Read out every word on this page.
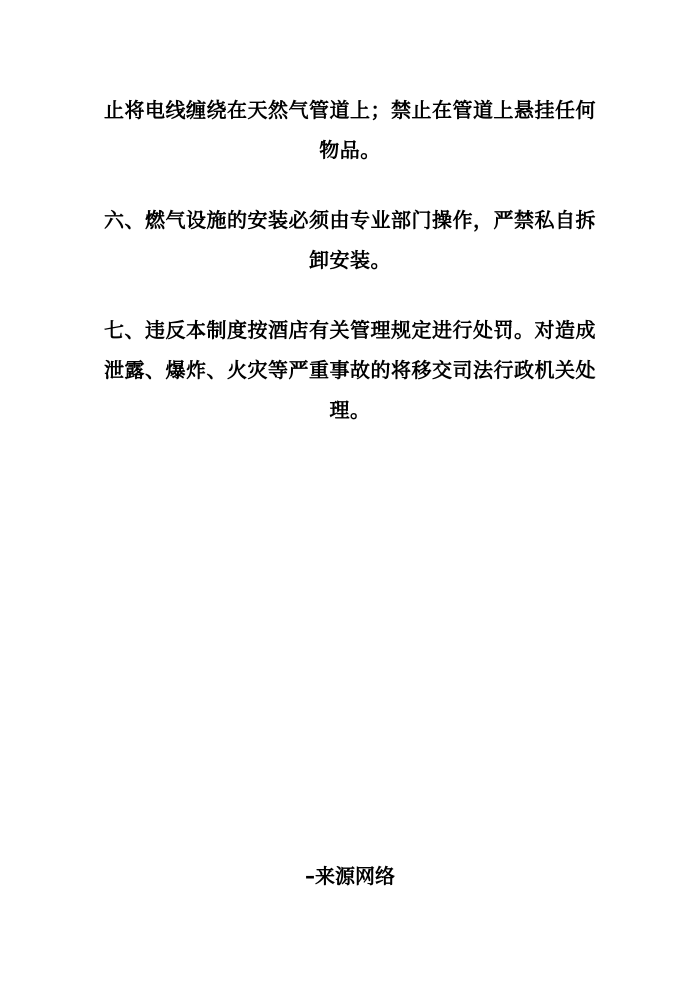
止将电线缠绕在天然气管道上；禁止在管道上悬挂任何物品。

六、燃气设施的安装必须由专业部门操作，严禁私自拆卸安装。

七、违反本制度按酒店有关管理规定进行处罚。对造成泄露、爆炸、火灾等严重事故的将移交司法行政机关处理。

–来源网络
